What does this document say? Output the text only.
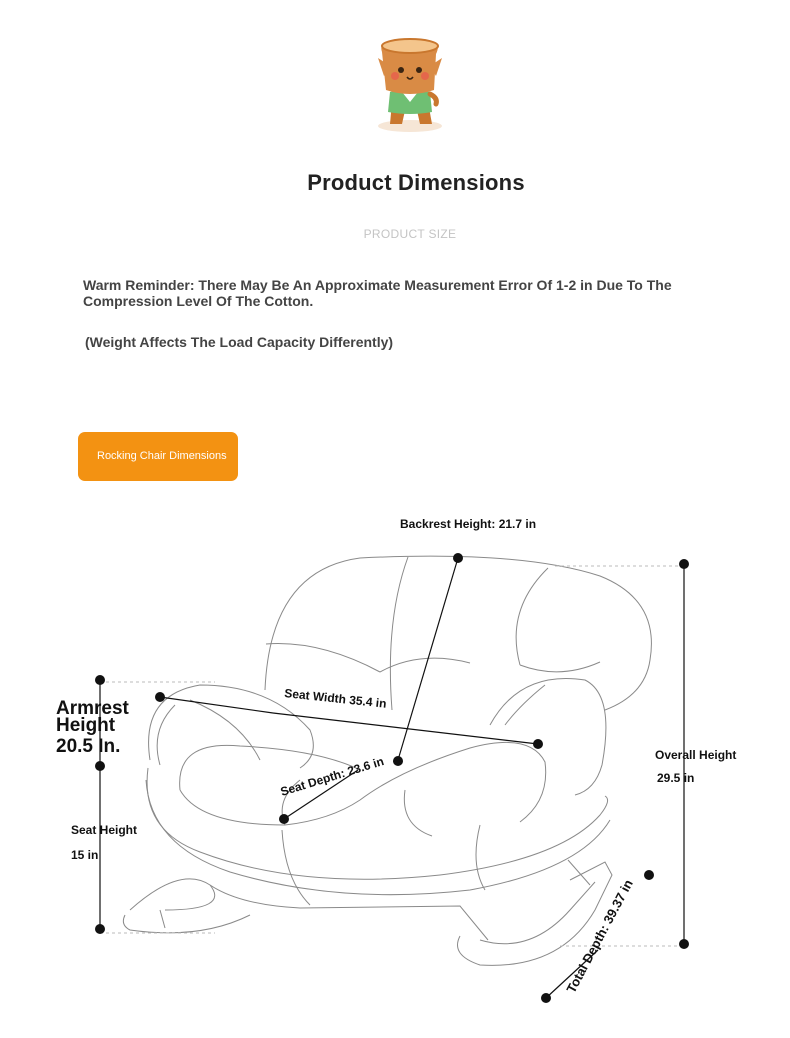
Product Dimensions
PRODUCT SIZE
Warm Reminder: There May Be An Approximate Measurement Error Of 1-2 in Due To The Compression Level Of The Cotton.
(Weight Affects The Load Capacity Differently)
Rocking Chair Dimensions
Backrest Height: 21.7 in
Seat Width 35.4 in
Seat Depth: 23.6 in
Armrest
Height
20.5 In.
Seat Height
15 in
Overall Height
29.5 in
Total Depth: 39.37 in
